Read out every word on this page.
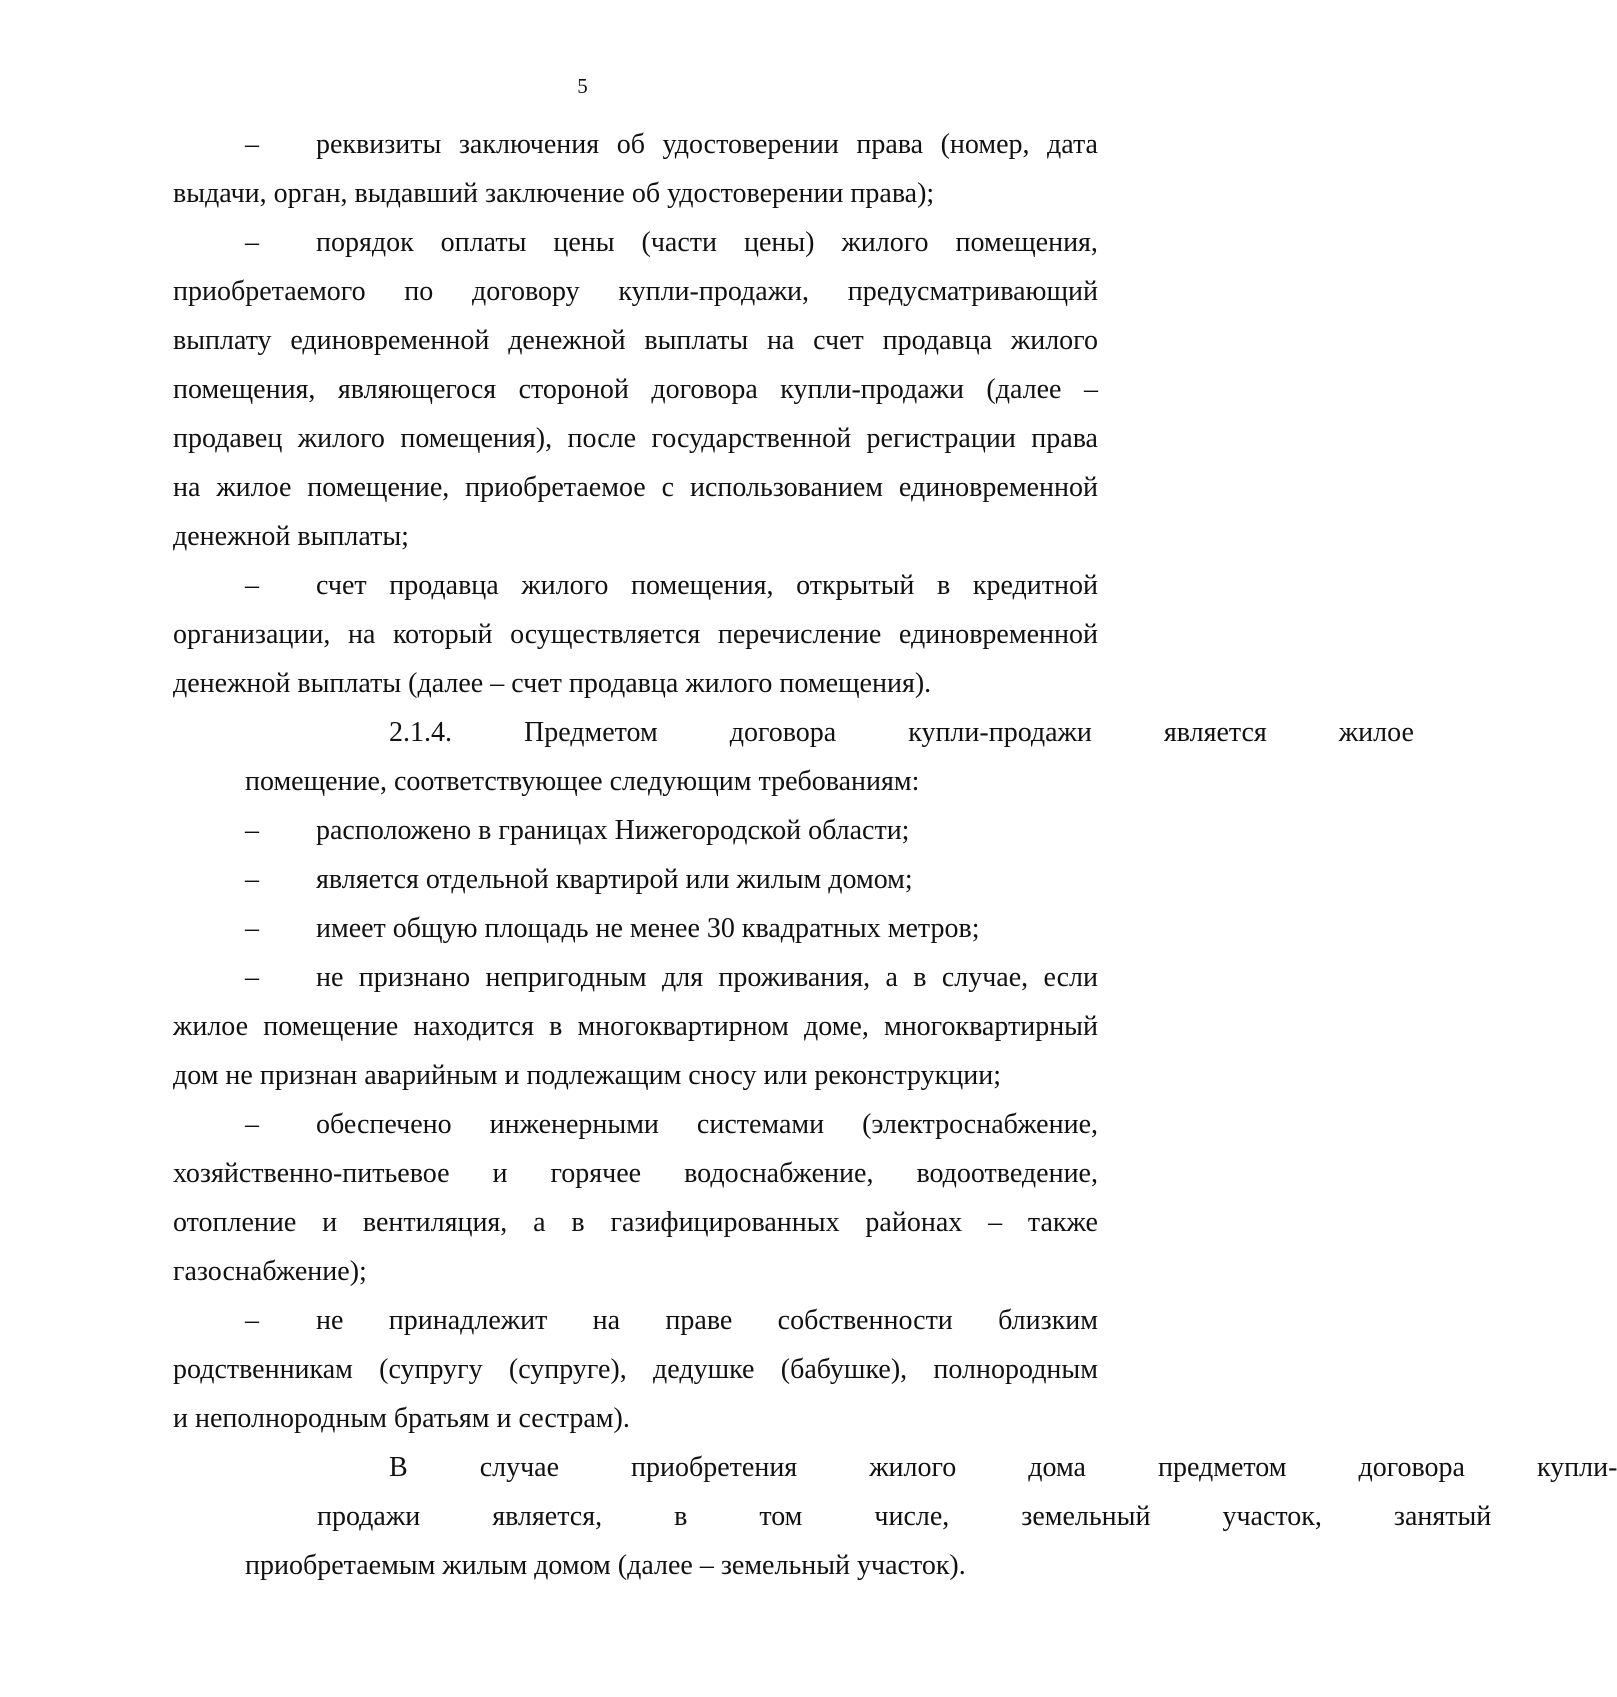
5
– реквизиты заключения об удостоверении права (номер, дата
выдачи, орган, выдавший заключение об удостоверении права);
– порядок оплаты цены (части цены) жилого помещения,
приобретаемого по договору купли-продажи, предусматривающий
выплату единовременной денежной выплаты на счет продавца жилого
помещения, являющегося стороной договора купли-продажи (далее –
продавец жилого помещения), после государственной регистрации права
на жилое помещение, приобретаемое с использованием единовременной
денежной выплаты;
– счет продавца жилого помещения, открытый в кредитной
организации, на который осуществляется перечисление единовременной
денежной выплаты (далее – счет продавца жилого помещения).
2.1.4.	Предметом	договора	купли-продажи	является	жилое
помещение, соответствующее следующим требованиям:
– расположено в границах Нижегородской области;
– является отдельной квартирой или жилым домом;
– имеет общую площадь не менее 30 квадратных метров;
– не признано непригодным для проживания, а в случае, если
жилое помещение находится в многоквартирном доме, многоквартирный
дом не признан аварийным и подлежащим сносу или реконструкции;
– обеспечено инженерными системами (электроснабжение,
хозяйственно-питьевое и горячее водоснабжение, водоотведение,
отопление и вентиляция, а в газифицированных районах – также
газоснабжение);
– не принадлежит на праве собственности близким
родственникам (супругу (супруге), дедушке (бабушке), полнородным
и неполнородным братьям и сестрам).
В	случае	приобретения	жилого	дома	предметом	договора	купли-
продажи	является,	в	том	числе,	земельный	участок,	занятый
приобретаемым жилым домом (далее – земельный участок).
